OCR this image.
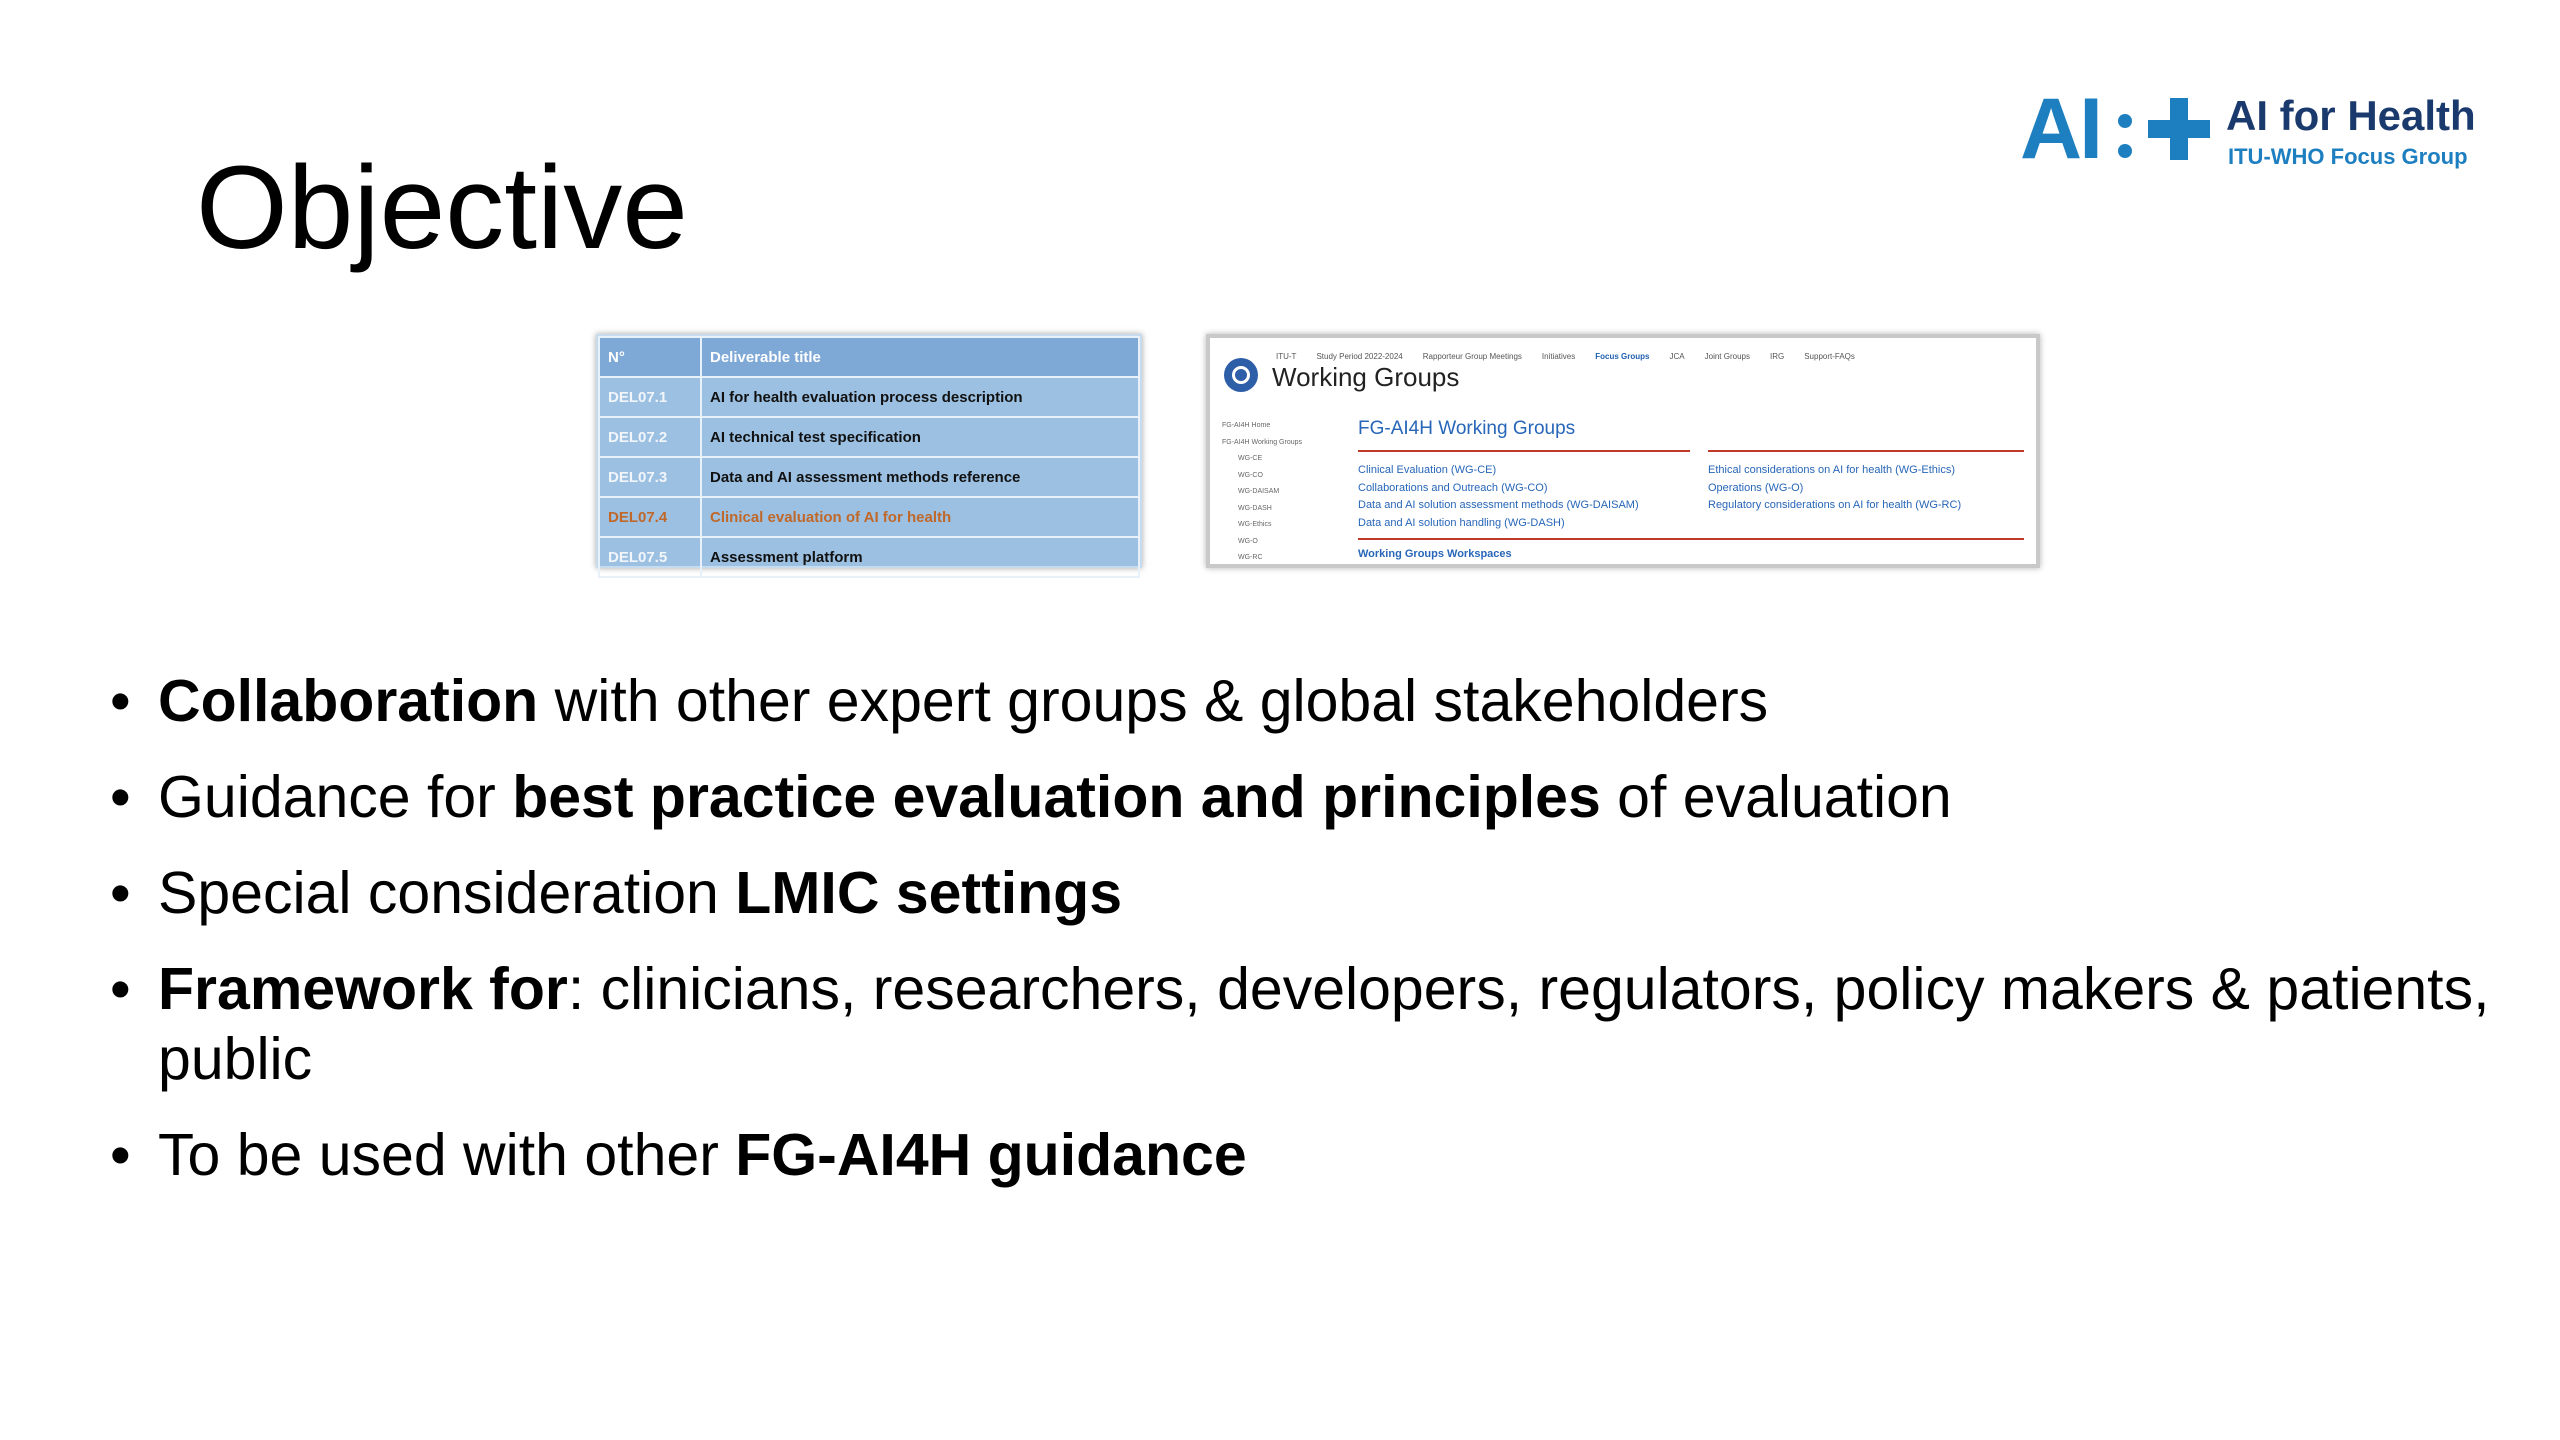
Objective
AI	AI for Health
ITU-WHO Focus Group
N°	Deliverable title
DEL07.1	AI for health evaluation process description
DEL07.2	AI technical test specification
DEL07.3	Data and AI assessment methods reference
DEL07.4	Clinical evaluation of AI for health
DEL07.5	Assessment platform
ITU-T	Study Period 2022-2024	Rapporteur Group Meetings	Initiatives	Focus Groups	JCA	Joint Groups	IRG	Support-FAQs
Working Groups
FG-AI4H Home
FG-AI4H Working Groups
WG-CE
WG-CO
WG-DAISAM
WG-DASH
WG-Ethics
WG-O
WG-RC
FG-AI4H Working Groups
Clinical Evaluation (WG-CE)
Collaborations and Outreach (WG-CO)
Data and AI solution assessment methods (WG-DAISAM)
Data and AI solution handling (WG-DASH)
Ethical considerations on AI for health (WG-Ethics)
Operations (WG-O)
Regulatory considerations on AI for health (WG-RC)
Working Groups Workspaces
• Collaboration with other expert groups & global stakeholders
• Guidance for best practice evaluation and principles of evaluation
• Special consideration LMIC settings
• Framework for: clinicians, researchers, developers, regulators, policy makers & patients, public
• To be used with other FG-AI4H guidance
